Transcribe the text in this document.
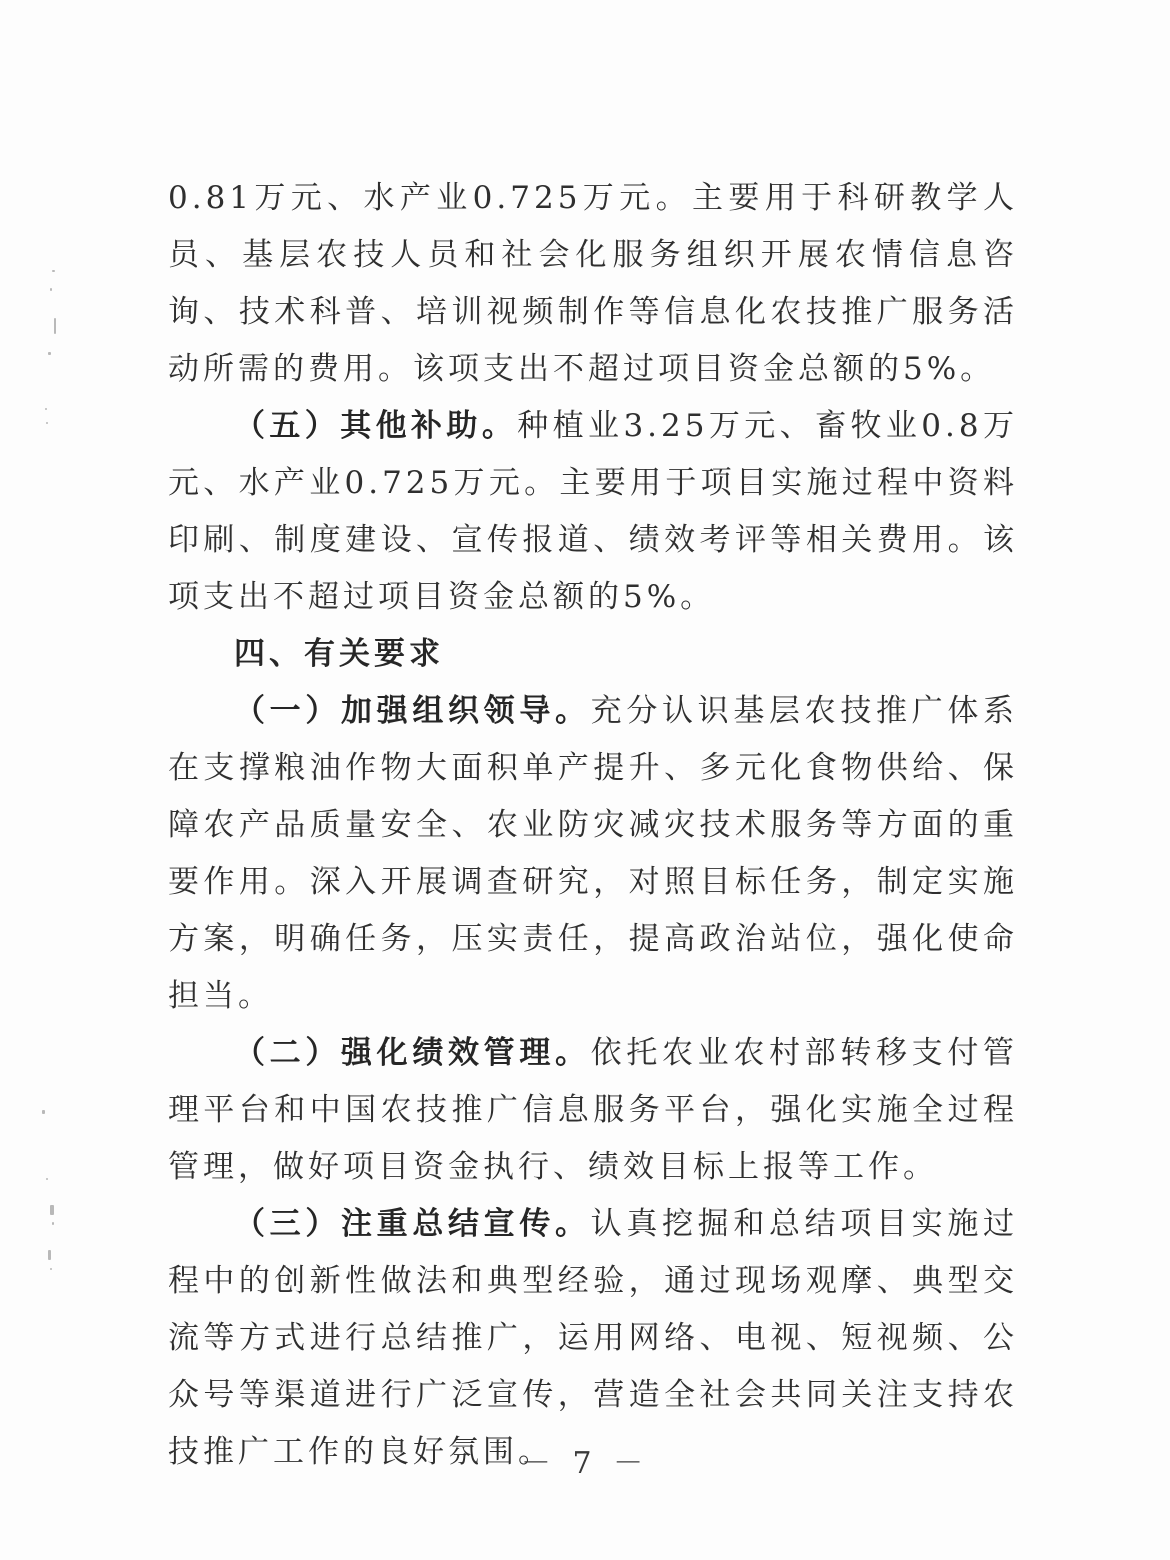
0.81万元、水产业0.725万元。主要用于科研教学人员、基层农技人员和社会化服务组织开展农情信息咨询、技术科普、培训视频制作等信息化农技推广服务活动所需的费用。该项支出不超过项目资金总额的5%。

（五）其他补助。种植业3.25万元、畜牧业0.8万元、水产业0.725万元。主要用于项目实施过程中资料印刷、制度建设、宣传报道、绩效考评等相关费用。该项支出不超过项目资金总额的5%。

四、有关要求

（一）加强组织领导。充分认识基层农技推广体系在支撑粮油作物大面积单产提升、多元化食物供给、保障农产品质量安全、农业防灾减灾技术服务等方面的重要作用。深入开展调查研究，对照目标任务，制定实施方案，明确任务，压实责任，提高政治站位，强化使命担当。

（二）强化绩效管理。依托农业农村部转移支付管理平台和中国农技推广信息服务平台，强化实施全过程管理，做好项目资金执行、绩效目标上报等工作。

（三）注重总结宣传。认真挖掘和总结项目实施过程中的创新性做法和典型经验，通过现场观摩、典型交流等方式进行总结推广，运用网络、电视、短视频、公众号等渠道进行广泛宣传，营造全社会共同关注支持农技推广工作的良好氛围。

－ 7 －
